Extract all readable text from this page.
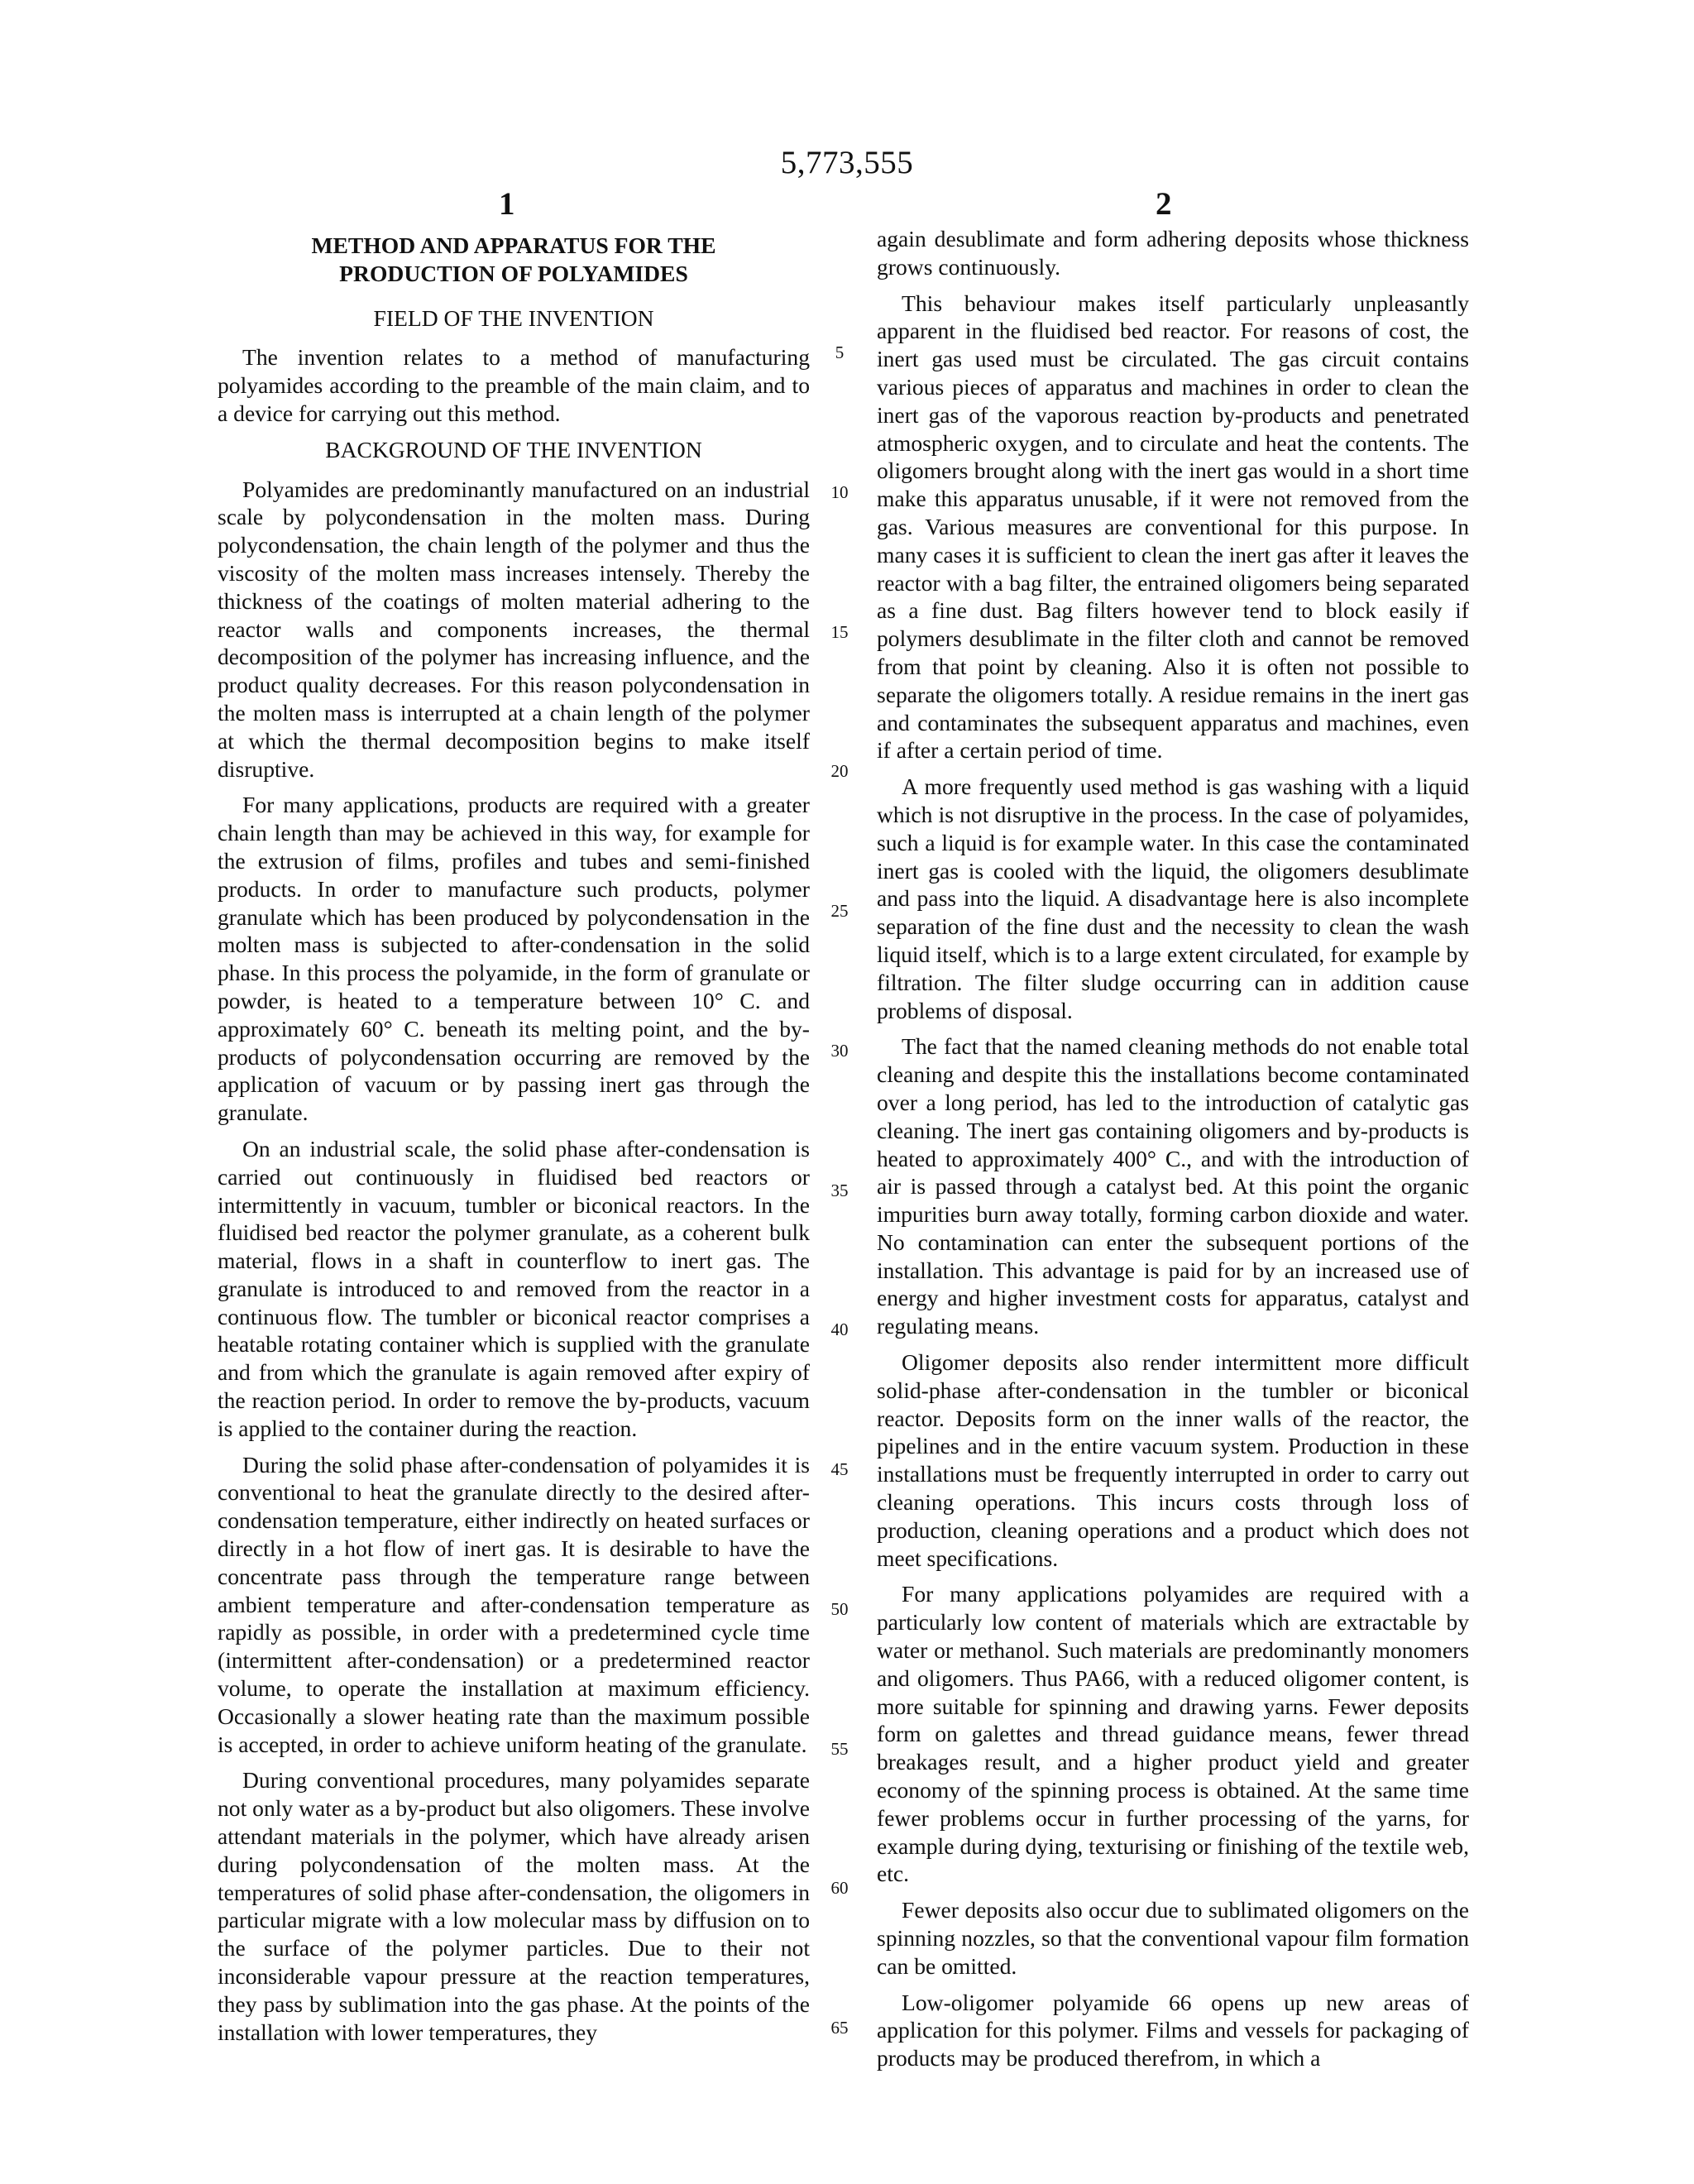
5,773,555
1	2
METHOD AND APPARATUS FOR THE
PRODUCTION OF POLYAMIDES
FIELD OF THE INVENTION

The invention relates to a method of manufacturing polyamides according to the preamble of the main claim, and to a device for carrying out this method.

BACKGROUND OF THE INVENTION

Polyamides are predominantly manufactured on an industrial scale by polycondensation in the molten mass. During polycondensation, the chain length of the polymer and thus the viscosity of the molten mass increases intensely. Thereby the thickness of the coatings of molten material adhering to the reactor walls and components increases, the thermal decomposition of the polymer has increasing influence, and the product quality decreases. For this reason polycondensation in the molten mass is interrupted at a chain length of the polymer at which the thermal decomposition begins to make itself disruptive.

For many applications, products are required with a greater chain length than may be achieved in this way, for example for the extrusion of films, profiles and tubes and semi-finished products. In order to manufacture such products, polymer granulate which has been produced by polycondensation in the molten mass is subjected to after-condensation in the solid phase. In this process the polyamide, in the form of granulate or powder, is heated to a temperature between 10° C. and approximately 60° C. beneath its melting point, and the by-products of polycondensation occurring are removed by the application of vacuum or by passing inert gas through the granulate.

On an industrial scale, the solid phase after-condensation is carried out continuously in fluidised bed reactors or intermittently in vacuum, tumbler or biconical reactors. In the fluidised bed reactor the polymer granulate, as a coherent bulk material, flows in a shaft in counterflow to inert gas. The granulate is introduced to and removed from the reactor in a continuous flow. The tumbler or biconical reactor comprises a heatable rotating container which is supplied with the granulate and from which the granulate is again removed after expiry of the reaction period. In order to remove the by-products, vacuum is applied to the container during the reaction.

During the solid phase after-condensation of polyamides it is conventional to heat the granulate directly to the desired after-condensation temperature, either indirectly on heated surfaces or directly in a hot flow of inert gas. It is desirable to have the concentrate pass through the temperature range between ambient temperature and after-condensation temperature as rapidly as possible, in order with a predetermined cycle time (intermittent after-condensation) or a predetermined reactor volume, to operate the installation at maximum efficiency. Occasionally a slower heating rate than the maximum possible is accepted, in order to achieve uniform heating of the granulate.

During conventional procedures, many polyamides separate not only water as a by-product but also oligomers. These involve attendant materials in the polymer, which have already arisen during polycondensation of the molten mass. At the temperatures of solid phase after-condensation, the oligomers in particular migrate with a low molecular mass by diffusion on to the surface of the polymer particles. Due to their not inconsiderable vapour pressure at the reaction temperatures, they pass by sublimation into the gas phase. At the points of the installation with lower temperatures, they

again desublimate and form adhering deposits whose thickness grows continuously.

This behaviour makes itself particularly unpleasantly apparent in the fluidised bed reactor. For reasons of cost, the inert gas used must be circulated. The gas circuit contains various pieces of apparatus and machines in order to clean the inert gas of the vaporous reaction by-products and penetrated atmospheric oxygen, and to circulate and heat the contents. The oligomers brought along with the inert gas would in a short time make this apparatus unusable, if it were not removed from the gas. Various measures are conventional for this purpose. In many cases it is sufficient to clean the inert gas after it leaves the reactor with a bag filter, the entrained oligomers being separated as a fine dust. Bag filters however tend to block easily if polymers desublimate in the filter cloth and cannot be removed from that point by cleaning. Also it is often not possible to separate the oligomers totally. A residue remains in the inert gas and contaminates the subsequent apparatus and machines, even if after a certain period of time.

A more frequently used method is gas washing with a liquid which is not disruptive in the process. In the case of polyamides, such a liquid is for example water. In this case the contaminated inert gas is cooled with the liquid, the oligomers desublimate and pass into the liquid. A disadvantage here is also incomplete separation of the fine dust and the necessity to clean the wash liquid itself, which is to a large extent circulated, for example by filtration. The filter sludge occurring can in addition cause problems of disposal.

The fact that the named cleaning methods do not enable total cleaning and despite this the installations become contaminated over a long period, has led to the introduction of catalytic gas cleaning. The inert gas containing oligomers and by-products is heated to approximately 400° C., and with the introduction of air is passed through a catalyst bed. At this point the organic impurities burn away totally, forming carbon dioxide and water. No contamination can enter the subsequent portions of the installation. This advantage is paid for by an increased use of energy and higher investment costs for apparatus, catalyst and regulating means.

Oligomer deposits also render intermittent more difficult solid-phase after-condensation in the tumbler or biconical reactor. Deposits form on the inner walls of the reactor, the pipelines and in the entire vacuum system. Production in these installations must be frequently interrupted in order to carry out cleaning operations. This incurs costs through loss of production, cleaning operations and a product which does not meet specifications.

For many applications polyamides are required with a particularly low content of materials which are extractable by water or methanol. Such materials are predominantly monomers and oligomers. Thus PA66, with a reduced oligomer content, is more suitable for spinning and drawing yarns. Fewer deposits form on galettes and thread guidance means, fewer thread breakages result, and a higher product yield and greater economy of the spinning process is obtained. At the same time fewer problems occur in further processing of the yarns, for example during dying, texturising or finishing of the textile web, etc.

Fewer deposits also occur due to sublimated oligomers on the spinning nozzles, so that the conventional vapour film formation can be omitted.

Low-oligomer polyamide 66 opens up new areas of application for this polymer. Films and vessels for packaging of products may be produced therefrom, in which a

5
10
15
20
25
30
35
40
45
50
55
60
65
